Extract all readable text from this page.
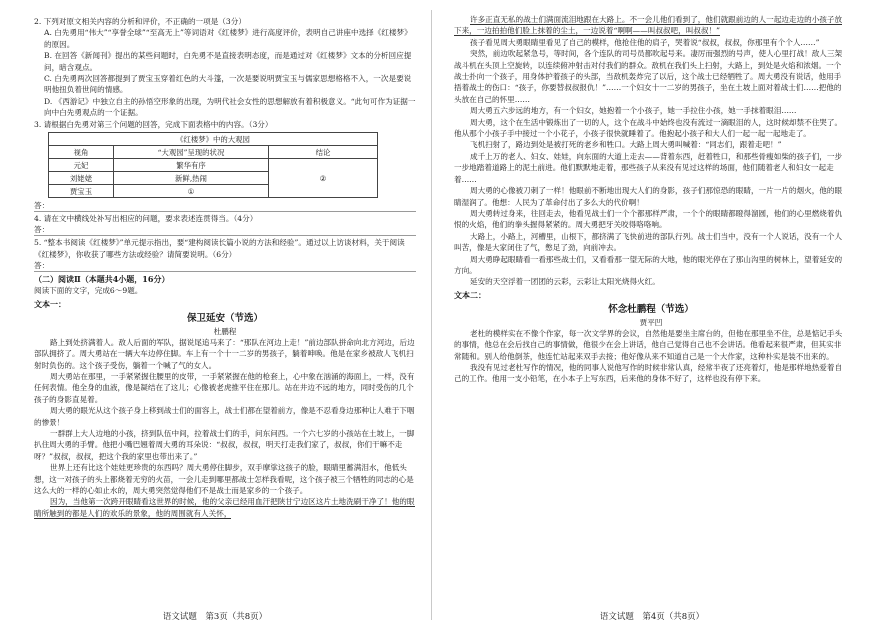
2. 下列对原文相关内容的分析和评价，不正确的一项是（3分）

A. 白先勇用“伟大”“享誉全球”“至高无上”等词语对《红楼梦》进行高度评价，表明自己讲座中选择《红楼梦》的原因。

B. 在回答《新闻刊》提出的某些问题时，白先勇不是直接表明态度，而是通过对《红楼梦》文本的分析回应提问，暗含观点。

C. 白先勇两次回答都提到了贾宝玉穿着红色的大斗篷，一次是要说明贾宝玉与儒家思想格格不入，一次是要说明他扭负着世间的情感。

D. 《西游记》中独立自主的孙悟空形象的出现，为明代社会女性的思想解放有着积极意义。“此句可作为证据一向中白先勇观点的一个证据。

3. 请根据白先勇对第三个问题的回答，完成下面表格中的内容。（3分）

《红楼梦》中的大观园		
视角	“大观园”呈现的状况	结论
元妃	繁华有序	②
刘姥姥	新鲜,热闹	
贾宝玉	①	
答：

4. 请在文中横线处补写出相应的问题，要求表述连贯得当。（4分）

答：

5. “整本书阅读《红楼梦》”单元提示指出，要“建构阅读长篇小说的方法和经验”。通过以上访谈材料，关于阅读《红楼梦》，你收获了哪些方法或经验？请简要说明。（6分）

答：

（二）阅读Ⅱ（本题共4小题，16分）

阅读下面的文字，完成6～9题。

文本一：

保卫延安（节选）
杜鹏程

路上到处挤满着人。敌人后面的军队，据说尾追马来了：“那队在河边上走！”前边部队拼命向北方河边，后边部队拥挤了。周大勇站在一辆大车边停住脚。车上有一个十一二岁的男孩子，躺着呻唤。他是在家乡被敌人飞机扫射时负伤的。这个孩子受伤，躺着一个喊了气的女人。

周大勇站在那里，一手紧紧握住腰里的皮带，一手紧紧握在他的枪套上，心中象在汹涌的海面上，一样，没有任何表情。他全身的血液，像是凝结在了这儿；心像被老虎推平住在那儿。站在井边不远的地方，同时受伤的几个孩子的身影直晃着。

周大勇的眼光从这个孩子身上移到战士们的面容上，战士们都在望着前方，像是不忍看身边那种让人难于下咽的惨景！

一群群上大人边地的小孩，挤到队伍中间，拉着战士们的手，问东问西。一个六七岁的小孩站在土坡上，一脚扒住周大勇的手臂。他把小嘴巴翘着周大勇的耳朵说：“叔叔，叔叔，明天打走我们家了，叔叔，你们干嘛不走呀？”叔叔，叔叔，把这个我的家里也带出来了。”

世界上还有比这个娃娃更珍贵的东西吗？周大勇停住脚步，双手摩挲这孩子的脸，眼睛里蓄满泪水，他低头想，这一对孩子的头上都烧着无穷的火苗，一会儿走到哪里都战士怎样我看呢，这个孩子被三个牺牲的同志的心是这么大的一样的心如止水的，周大勇突然觉得他们不是战士而是家乡的一个孩子。

因为，当他第一次跨开眼睛看这世界的时候，他的父亲已经用血汗把陕甘宁边区这片土地洗刷干净了！他的眼睛所触到的都是人们的欢乐的景象，他的周围就有人关怀，

语文试题　第3页（共8页）

许多正直无私的战士们满面流泪地跟在大路上。不一会儿他们看到了，他们就跟前边的人一起边走边的小孩子放下来，一边拍拍他们脸上抹着的尘土，一边说着“啊啊——叫叔叔吧，叫叔叔！”

孩子看见周大勇眼睛里看见了自己的模样，他抢住他的肩子，哭着说“叔叔，叔叔，你那里有个个人……”

突然，前边吹起紧急号，等时间，各个连队的司号员都吹起号来。凄厉而强烈的号声，使人心里打战！敌人三架战斗机在头顶上空旋转，以连续俯冲射击对付我们的群众。敌机在我们头上扫射，大路上，到处是火焰和浓烟。一个战士扑向一个孩子，用身体护着孩子的头部，当敌机轰炸完了以后，这个战士已经牺牲了。周大勇没有说话，他用手捂着战士的伤口：“孩子，你要替叔叔报仇！”……一个妇女十一二岁的男孩子，坐在土坡上面对着战士们……把他的头放在自己的怀里……

周大勇五六步远的地方，有一个妇女，她抱着一个小孩子，她一手拉住小孩，她一手抹着眼泪……

周大勇，这个在生活中锻炼出了一切的人，这个在战斗中始终也没有流过一滴眼泪的人，这时候却禁不住哭了。他从那个小孩子手中接过一个小花子，小孩子很快就睡着了。他抱起小孩子和大人们一起一起一起地走了。

飞机扫射了，路边到处是被打死的老乡和牲口。大路上周大勇叫喊着：“同志们，跟着走吧！”

成千上万的老人、妇女、娃娃，向东面的大道上走去——背着东西，赶着牲口，和那些骨瘦如柴的孩子们，一步一步地踏着道路上的泥土前进。他们默默地走着，那些孩子从来没有见过这样的场面，他们随着老人和妇女一起走着……

周大勇的心像被刀刺了一样！他眼前不断地出现大人们的身影，孩子们那惊恐的眼睛，一片一片的烟火，他的眼睛湿润了。他想：人民为了革命付出了多么大的代价啊！

周大勇转过身来，往回走去，他看见战士们一个个都那样严肃，一个个的眼睛都瞪得溜圆，他们的心里燃烧着仇恨的火焰，他们的拳头握得紧紧的。周大勇把牙关咬得咯咯响。

大路上，小路上，河槽里，山根下，都挤满了飞快前进的部队行列。战士们当中，没有一个人说话，没有一个人叫苦，像是大家闭住了气，憋足了劲，向前冲去。

周大勇睁起眼睛看一看那些战士们，又看看那一望无际的大地，他的眼光停在了那山沟里的树林上，望着延安的方向。

延安的天空浮着一团团的云彩，云彩让太阳光烧得火红。

文本二：

怀念杜鹏程（节选）
贾平凹

老杜的模样实在不像个作家，每一次文学界的会议，自然他是要坐主席台的，但他在那里坐不住，总是惦记手头的事情，他总在会后找自己的事情做，他很少在会上讲话，他自己觉得自己也不会讲话。他看起来很严肃，但其实非常随和。别人给他倒茶，他连忙站起来双手去接；他好像从来不知道自己是一个大作家，这种朴实是装不出来的。

我没有见过老杜写作的情况，他的同事人说他写作的时候非常认真，经常半夜了还亮着灯，他是那样地热爱着自己的工作。他用一支小铅笔，在小本子上写东西，后来他的身体不好了，这样也没有停下来。

语文试题　第4页（共8页）
